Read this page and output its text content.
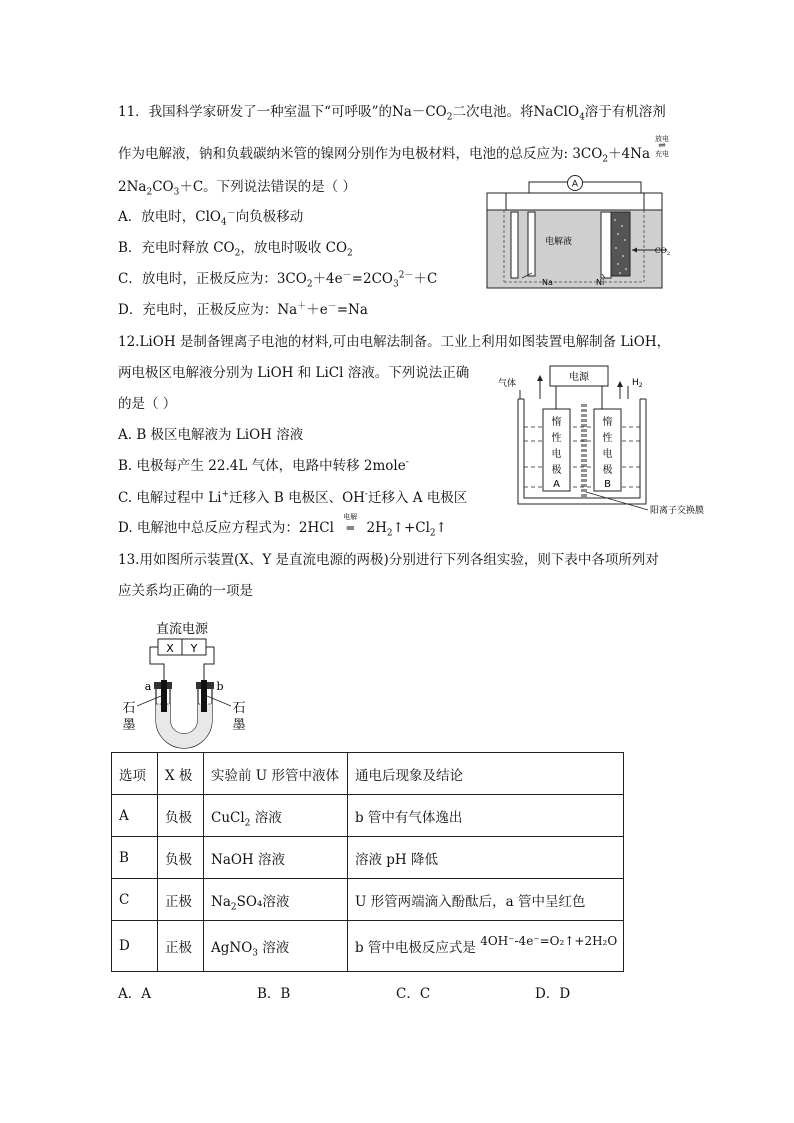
11．我国科学家研发了一种室温下“可呼吸”的$Na-CO_2$二次电池。将NaClO$_4$溶于有机溶剂
作为电解液，钠和负载碳纳米管的镍网分别作为电极材料，电池的总反应为: $3CO_2+4Na$
放电
⇌
充电
$2Na_2CO_3+C$。下列说法错误的是（ ）
A．放电时，ClO$_4$－向负极移动
B．充电时释放 $CO_2$，放电时吸收 $CO_2$
C．放电时，正极反应为：$3CO_2+4e^-=2CO_3^{2-}+C$
D．充电时，正极反应为：Na＋＋e－=Na
A
电解液
$CO_2$
Na	Ni
12.LiOH 是制备锂离子电池的材料,可由电解法制备。工业上利用如图装置电解制备 LiOH，
两电极区电解液分别为 LiOH 和 LiCl 溶液。下列说法正确
的是（ ）
A. B 极区电解液为 LiOH 溶液
B. 电极每产生 22.4L 气体，电路中转移 2mole-
C. 电解过程中 Li+迁移入 B 电极区、OH-迁移入 A 电极区
D. 电解池中总反应方程式为：2HCl
电解
═ $2H_2↑+Cl_2↑$
电源
气体	$H_2$
惰
性
电
极
A
惰
性
电
极
B
阳离子交换膜
13.用如图所示装置(X、Y 是直流电源的两极)分别进行下列各组实验，则下表中各项所列对
应关系均正确的一项是
直流电源
X Y
a	b
石
墨
石
墨
选项	X 极	实验前 U 形管中液体	通电后现象及结论
A	负极	CuCl$_2$ 溶液	b 管中有气体逸出
B	负极	NaOH 溶液	溶液 pH 降低
C	正极	$Na_2SO_4$溶液	U 形管两端滴入酚酞后，a 管中呈红色
D	正极	AgNO$_3$ 溶液	b 管中电极反应式是 4OH⁻-4e⁻=O₂↑+2H₂O
A．A	B．B	C．C	D．D
